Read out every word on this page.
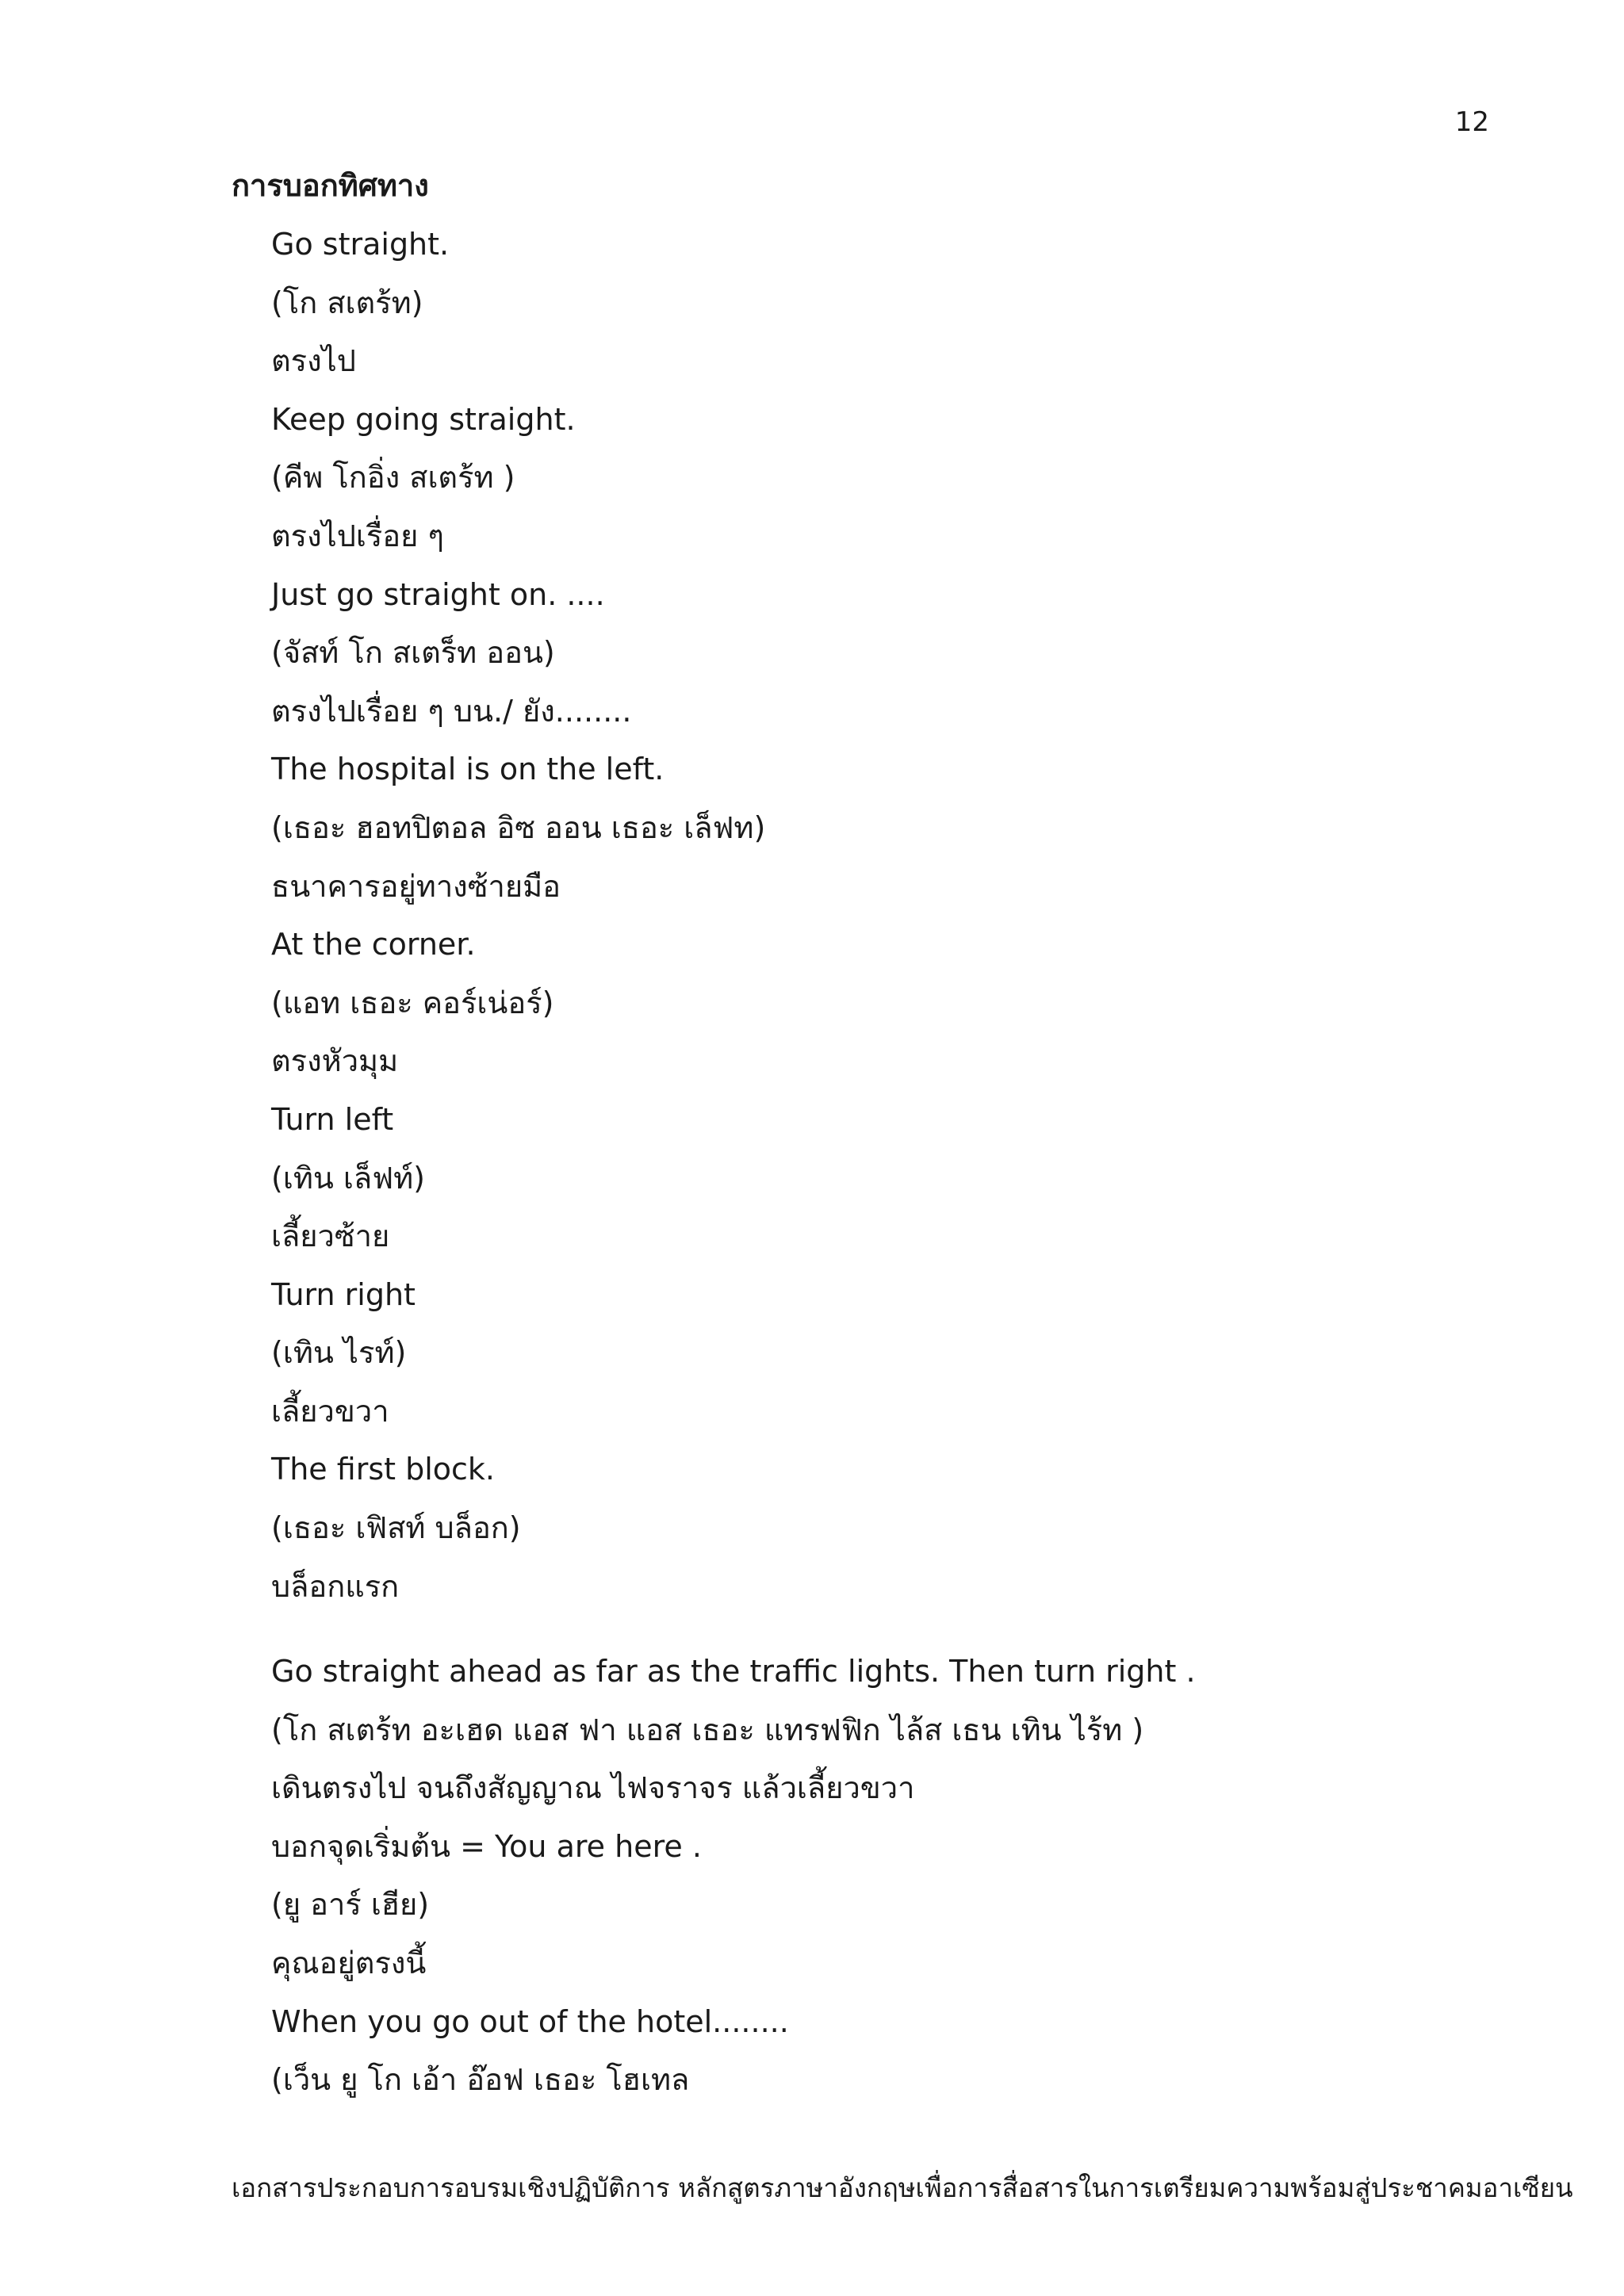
12
การบอกทิศทาง
Go straight.
(โก สเตร้ท)
ตรงไป
Keep going straight.
(คีพ โกอิ่ง สเตร้ท )
ตรงไปเรื่อย ๆ
Just go straight on. ....
(จัสท์ โก สเตร็ท ออน)
ตรงไปเรื่อย ๆ บน./ ยัง........
The hospital is on the left.
(เธอะ ฮอทปิตอล อิซ ออน เธอะ เล็ฟท)
ธนาคารอยู่ทางซ้ายมือ
At the corner.
(แอท เธอะ คอร์เน่อร์)
ตรงหัวมุม
Turn left
(เทิน เล็ฟท์)
เลี้ยวซ้าย
Turn right
(เทิน ไรท์)
เลี้ยวขวา
The first block.
(เธอะ เฟิสท์ บล็อก)
บล็อกแรก
Go straight ahead as far as the traffic lights. Then turn right .
(โก สเตร้ท อะเฮด แอส ฟา แอส เธอะ แทรฟฟิก ไล้ส เธน เทิน ไร้ท )
เดินตรงไป จนถึงสัญญาณ ไฟจราจร แล้วเลี้ยวขวา
บอกจุดเริ่มต้น = You are here .
(ยู อาร์ เฮีย)
คุณอยู่ตรงนี้
When you go out of the hotel........
(เว็น ยู โก เอ้า อ๊อฟ เธอะ โฮเทล
เอกสารประกอบการอบรมเชิงปฏิบัติการ หลักสูตรภาษาอังกฤษเพื่อการสื่อสารในการเตรียมความพร้อมสู่ประชาคมอาเซียน
